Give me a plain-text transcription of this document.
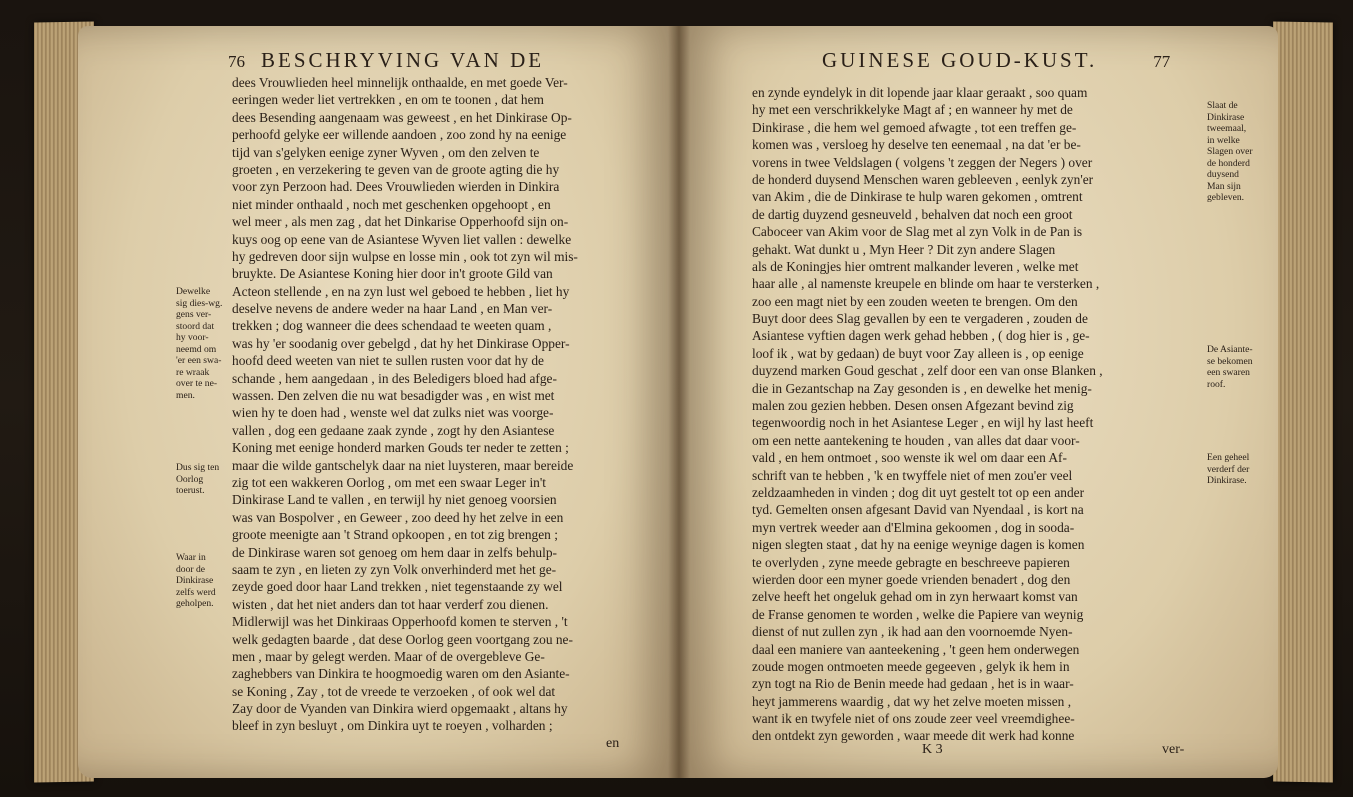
76 BESCHRYVING VAN DE	GUINESE GOUD-KUST.	77
dees Vrouwlieden heel minnelijk onthaalde, en met goede Ver-
eeringen weder liet vertrekken , en om te toonen , dat hem
dees Besending aangenaam was geweest , en het Dinkirase Op-
perhoofd gelyke eer willende aandoen , zoo zond hy na eenige
tijd van s'gelyken eenige zyner Wyven , om den zelven te
groeten , en verzekering te geven van de groote agting die hy
voor zyn Perzoon had. Dees Vrouwlieden wierden in Dinkira
niet minder onthaald , noch met geschenken opgehoopt , en
wel meer , als men zag , dat het Dinkarise Opperhoofd sijn on-
kuys oog op eene van de Asiantese Wyven liet vallen : dewelke
hy gedreven door sijn wulpse en losse min , ook tot zyn wil mis-
bruykte. De Asiantese Koning hier door in't groote Gild van
Acteon stellende , en na zyn lust wel geboed te hebben , liet hy
deselve nevens de andere weder na haar Land , en Man ver-
trekken ; dog wanneer die dees schendaad te weeten quam ,
was hy 'er soodanig over gebelgd , dat hy het Dinkirase Opper-
hoofd deed weeten van niet te sullen rusten voor dat hy de
schande , hem aangedaan , in des Beledigers bloed had afge-
wassen. Den zelven die nu wat besadigder was , en wist met
wien hy te doen had , wenste wel dat zulks niet was voorge-
vallen , dog een gedaane zaak zynde , zogt hy den Asiantese
Koning met eenige honderd marken Gouds ter neder te zetten ;
maar die wilde gantschelyk daar na niet luysteren, maar bereide
zig tot een wakkeren Oorlog , om met een swaar Leger in't
Dinkirase Land te vallen , en terwijl hy niet genoeg voorsien
was van Bospolver , en Geweer , zoo deed hy het zelve in een
groote meenigte aan 't Strand opkoopen , en tot zig brengen ;
de Dinkirase waren sot genoeg om hem daar in zelfs behulp-
saam te zyn , en lieten zy zyn Volk onverhinderd met het ge-
zeyde goed door haar Land trekken , niet tegenstaande zy wel
wisten , dat het niet anders dan tot haar verderf zou dienen.
Midlerwijl was het Dinkiraas Opperhoofd komen te sterven , 't
welk gedagten baarde , dat dese Oorlog geen voortgang zou ne-
men , maar by gelegt werden. Maar of de overgebleve Ge-
zaghebbers van Dinkira te hoogmoedig waren om den Asiante-
se Koning , Zay , tot de vreede te verzoeken , of ook wel dat
Zay door de Vyanden van Dinkira wierd opgemaakt , altans hy
bleef in zyn besluyt , om Dinkira uyt te roeyen , volharden ;
en
Dewelke
sig dies-wg.
gens ver-
stoord dat
hy voor-
neemd om
'er een swa-
re wraak
over te ne-
men.
Dus sig ten
Oorlog
toerust.
Waar in
door de
Dinkirase
zelfs werd
geholpen.
en zynde eyndelyk in dit lopende jaar klaar geraakt , soo quam
hy met een verschrikkelyke Magt af ; en wanneer hy met de
Dinkirase , die hem wel gemoed afwagte , tot een treffen ge-
komen was , versloeg hy deselve ten eenemaal , na dat 'er be-
vorens in twee Veldslagen ( volgens 't zeggen der Negers ) over
de honderd duysend Menschen waren gebleeven , eenlyk zyn'er
van Akim , die de Dinkirase te hulp waren gekomen , omtrent
de dartig duyzend gesneuveld , behalven dat noch een groot
Caboceer van Akim voor de Slag met al zyn Volk in de Pan is
gehakt. Wat dunkt u , Myn Heer ? Dit zyn andere Slagen
als de Koningjes hier omtrent malkander leveren , welke met
haar alle , al namenste kreupele en blinde om haar te versterken ,
zoo een magt niet by een zouden weeten te brengen. Om den
Buyt door dees Slag gevallen by een te vergaderen , zouden de
Asiantese vyftien dagen werk gehad hebben , ( dog hier is , ge-
loof ik , wat by gedaan) de buyt voor Zay alleen is , op eenige
duyzend marken Goud geschat , zelf door een van onse Blanken ,
die in Gezantschap na Zay gesonden is , en dewelke het menig-
malen zou gezien hebben. Desen onsen Afgezant bevind zig
tegenwoordig noch in het Asiantese Leger , en wijl hy last heeft
om een nette aantekening te houden , van alles dat daar voor-
vald , en hem ontmoet , soo wenste ik wel om daar een Af-
schrift van te hebben , 'k en twyffele niet of men zou'er veel
zeldzaamheden in vinden ; dog dit uyt gestelt tot op een ander
tyd. Gemelten onsen afgesant David van Nyendaal , is kort na
myn vertrek weeder aan d'Elmina gekoomen , dog in sooda-
nigen slegten staat , dat hy na eenige weynige dagen is komen
te overlyden , zyne meede gebragte en beschreeve papieren
wierden door een myner goede vrienden benadert , dog den
zelve heeft het ongeluk gehad om in zyn herwaart komst van
de Franse genomen te worden , welke die Papiere van weynig
dienst of nut zullen zyn , ik had aan den voornoemde Nyen-
daal een maniere van aanteekening , 't geen hem onderwegen
zoude mogen ontmoeten meede gegeeven , gelyk ik hem in
zyn togt na Rio de Benin meede had gedaan , het is in waar-
heyt jammerens waardig , dat wy het zelve moeten missen ,
want ik en twyfele niet of ons zoude zeer veel vreemdighee-
den ontdekt zyn geworden , waar meede dit werk had konne
K 3	ver-
Slaat de
Dinkirase
tweemaal,
in welke
Slagen over
de honderd
duysend
Man sijn
gebleven.
De Asiante-
se bekomen
een swaren
roof.
Een geheel
verderf der
Dinkirase.
